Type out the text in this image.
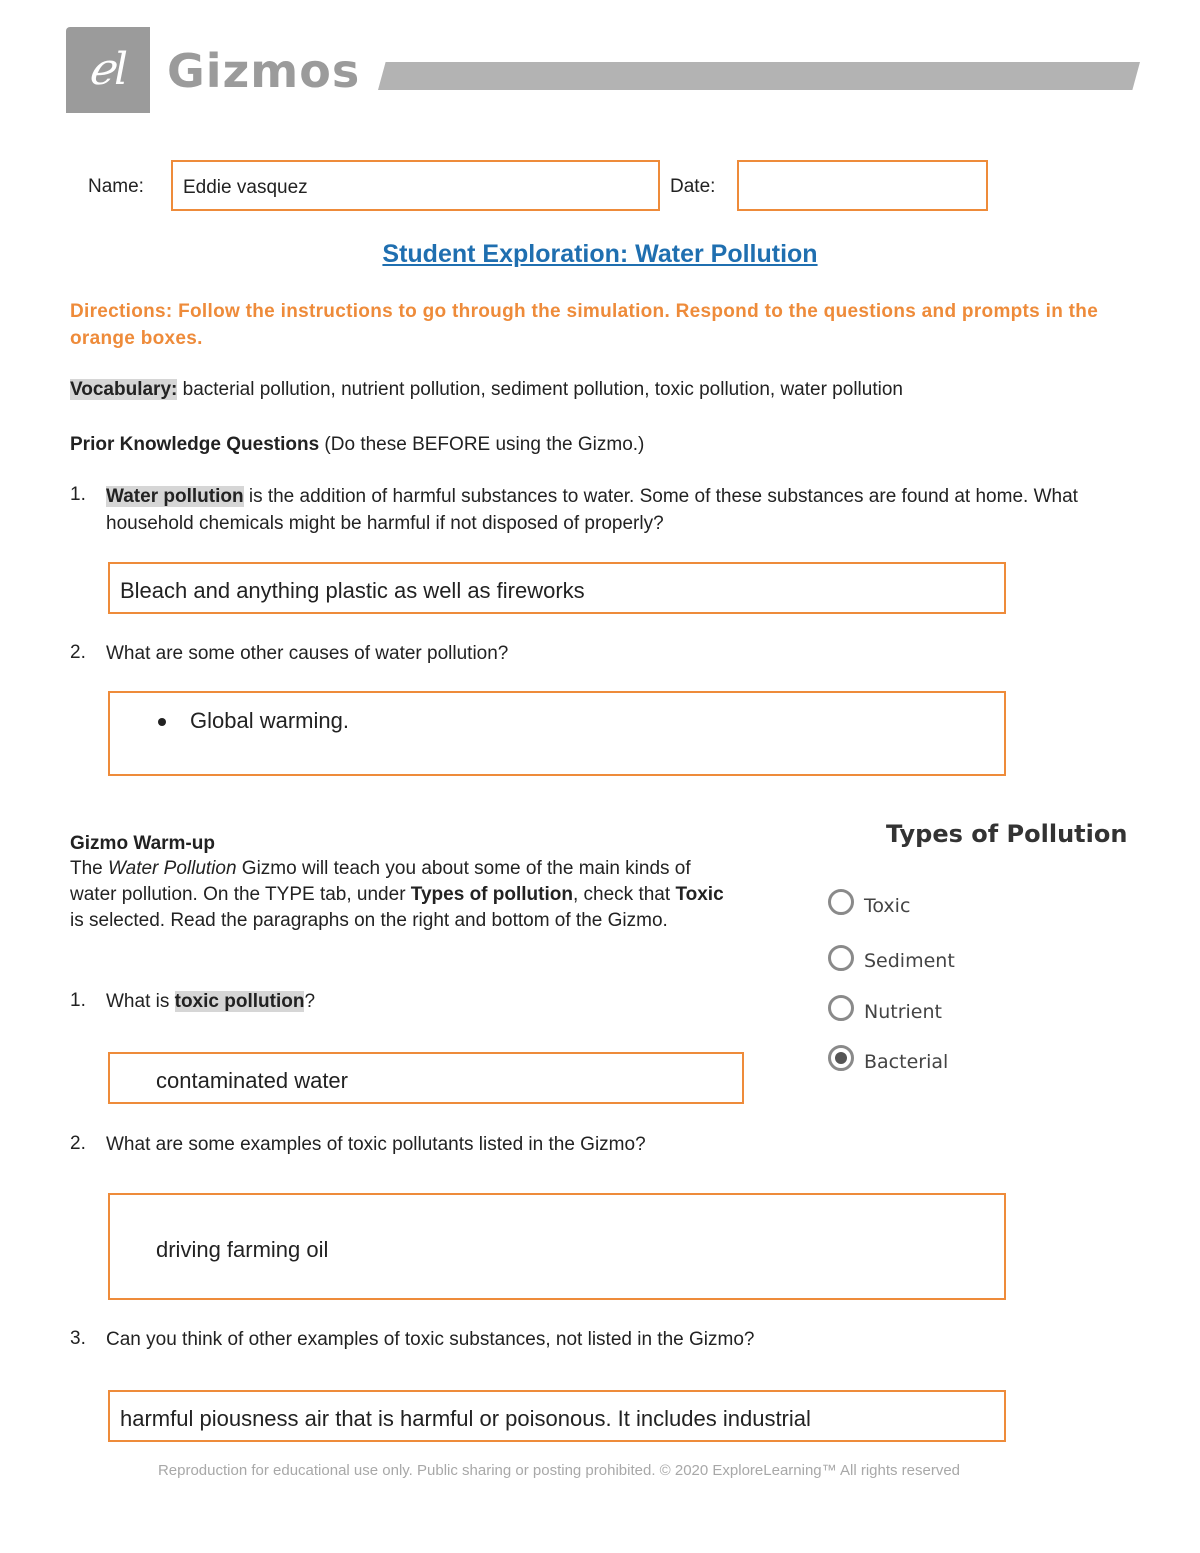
ℯl Gizmos
Name: Eddie vasquez	Date:
Student Exploration: Water Pollution
Directions: Follow the instructions to go through the simulation. Respond to the questions and prompts in the orange boxes.
Vocabulary: bacterial pollution, nutrient pollution, sediment pollution, toxic pollution, water pollution
Prior Knowledge Questions (Do these BEFORE using the Gizmo.)
1. Water pollution is the addition of harmful substances to water. Some of these substances are found at home. What household chemicals might be harmful if not disposed of properly?
Bleach and anything plastic as well as fireworks
2. What are some other causes of water pollution?
Global warming.
Gizmo Warm-up
The Water Pollution Gizmo will teach you about some of the main kinds of water pollution. On the TYPE tab, under Types of pollution, check that Toxic is selected. Read the paragraphs on the right and bottom of the Gizmo.
1. What is toxic pollution?
contaminated water
2. What are some examples of toxic pollutants listed in the Gizmo?
driving farming oil
3. Can you think of other examples of toxic substances, not listed in the Gizmo?
harmful piousness air that is harmful or poisonous. It includes industrial
Types of Pollution
Toxic
Sediment
Nutrient
Bacterial
Reproduction for educational use only. Public sharing or posting prohibited. © 2020 ExploreLearning™ All rights reserved
